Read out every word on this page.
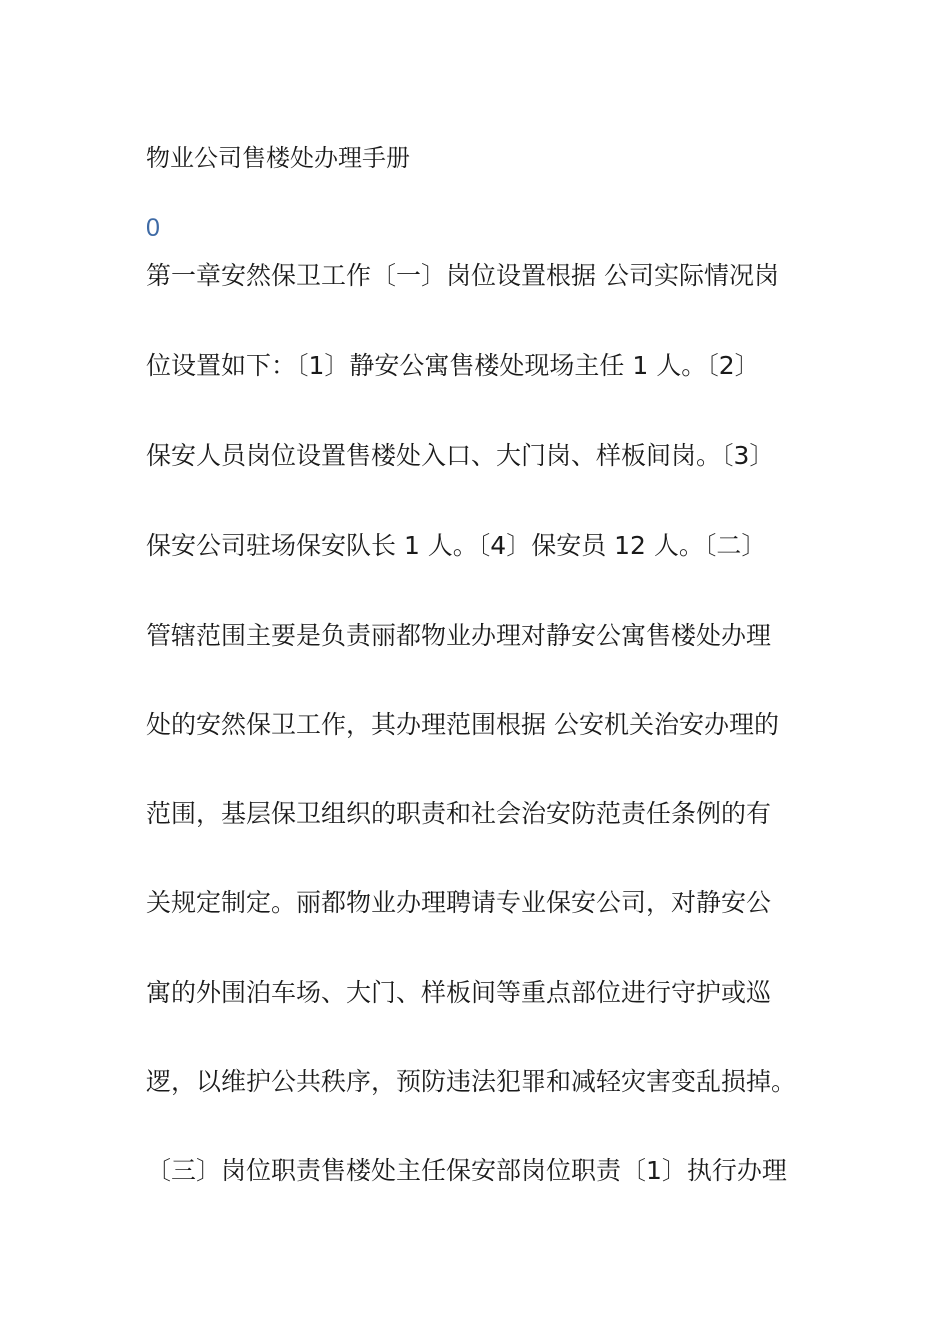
物业公司售楼处办理手册
0
第一章安然保卫工作〔一〕岗位设置根据 公司实际情况岗
位设置如下：〔1〕静安公寓售楼处现场主任 1 人。〔2〕
保安人员岗位设置售楼处入口、大门岗、样板间岗。〔3〕
保安公司驻场保安队长 1 人。〔4〕保安员 12 人。〔二〕
管辖范围主要是负责丽都物业办理对静安公寓售楼处办理
处的安然保卫工作，其办理范围根据 公安机关治安办理的
范围，基层保卫组织的职责和社会治安防范责任条例的有
关规定制定。丽都物业办理聘请专业保安公司，对静安公
寓的外围泊车场、大门、样板间等重点部位进行守护或巡
逻，以维护公共秩序，预防违法犯罪和减轻灾害变乱损掉。
〔三〕岗位职责售楼处主任保安部岗位职责〔1〕执行办理
